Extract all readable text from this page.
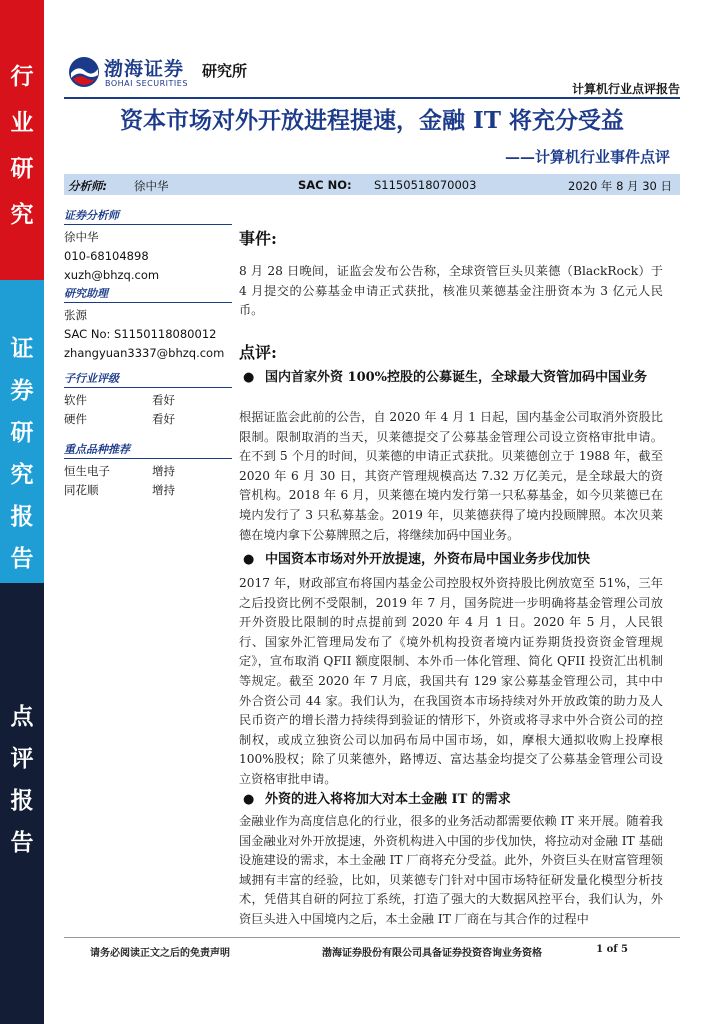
行
业
研
究
证
券
研
究
报
告
点
评
报
告
渤海证券
BOHAI SECURITIES
研究所
计算机行业点评报告
资本市场对外开放进程提速，金融 IT 将充分受益
——计算机行业事件点评
分析师: 徐中华	SAC NO: S1150518070003	2020 年 8 月 30 日
证券分析师
徐中华
010-68104898
xuzh@bhzq.com
研究助理
张源
SAC No: S1150118080012
zhangyuan3337@bhzq.com
子行业评级
软件	看好
硬件	看好
重点品种推荐
恒生电子	增持
同花顺	增持
事件:
8 月 28 日晚间，证监会发布公告称，全球资管巨头贝莱德（BlackRock）于 4 月提交的公募基金申请正式获批，核准贝莱德基金注册资本为 3 亿元人民币。
点评:
● 国内首家外资 100%控股的公募诞生，全球最大资管加码中国业务
根据证监会此前的公告，自 2020 年 4 月 1 日起，国内基金公司取消外资股比限制。限制取消的当天，贝莱德提交了公募基金管理公司设立资格审批申请。在不到 5 个月的时间，贝莱德的申请正式获批。贝莱德创立于 1988 年，截至 2020 年 6 月 30 日，其资产管理规模高达 7.32 万亿美元，是全球最大的资管机构。2018 年 6 月，贝莱德在境内发行第一只私募基金，如今贝莱德已在境内发行了 3 只私募基金。2019 年，贝莱德获得了境内投顾牌照。本次贝莱德在境内拿下公募牌照之后，将继续加码中国业务。
● 中国资本市场对外开放提速，外资布局中国业务步伐加快
2017 年，财政部宣布将国内基金公司控股权外资持股比例放宽至 51%，三年之后投资比例不受限制，2019 年 7 月，国务院进一步明确将基金管理公司放开外资股比限制的时点提前到 2020 年 4 月 1 日。2020 年 5 月，人民银行、国家外汇管理局发布了《境外机构投资者境内证券期货投资资金管理规定》，宣布取消 QFII 额度限制、本外币一体化管理、简化 QFII 投资汇出机制等规定。截至 2020 年 7 月底，我国共有 129 家公募基金管理公司，其中中外合资公司 44 家。我们认为，在我国资本市场持续对外开放政策的助力及人民币资产的增长潜力持续得到验证的情形下，外资或将寻求中外合资公司的控制权，或成立独资公司以加码布局中国市场，如，摩根大通拟收购上投摩根 100%股权；除了贝莱德外，路博迈、富达基金均提交了公募基金管理公司设立资格审批申请。
● 外资的进入将将加大对本土金融 IT 的需求
金融业作为高度信息化的行业，很多的业务活动都需要依赖 IT 来开展。随着我国金融业对外开放提速，外资机构进入中国的步伐加快，将拉动对金融 IT 基础设施建设的需求，本土金融 IT 厂商将充分受益。此外，外资巨头在财富管理领域拥有丰富的经验，比如，贝莱德专门针对中国市场特征研发量化模型分析技术，凭借其自研的阿拉丁系统，打造了强大的大数据风控平台，我们认为，外资巨头进入中国境内之后，本土金融 IT 厂商在与其合作的过程中
请务必阅读正文之后的免责声明	渤海证券股份有限公司具备证券投资咨询业务资格	1 of 5
